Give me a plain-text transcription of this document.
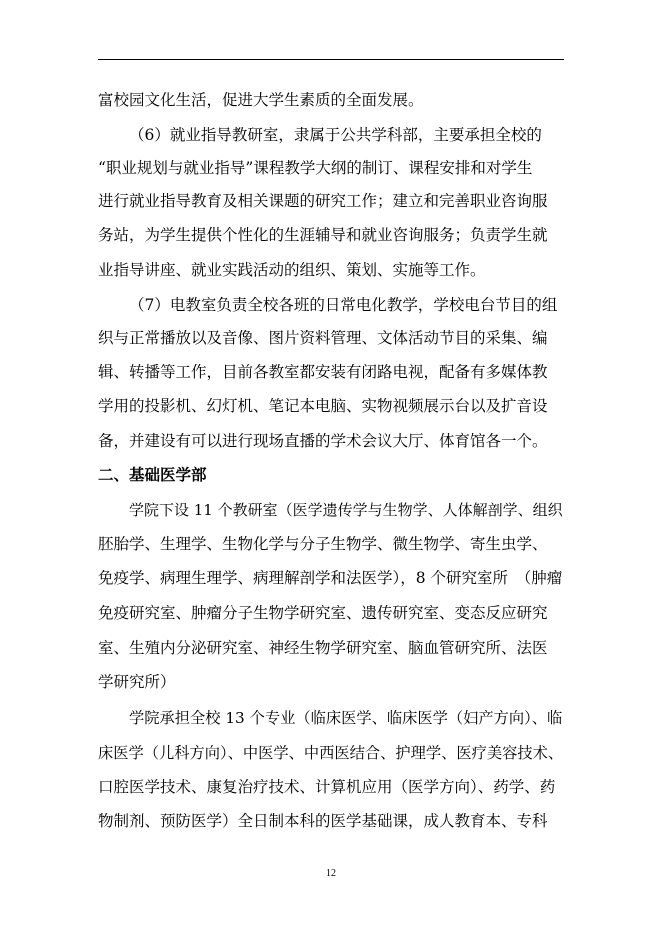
富校园文化生活，促进大学生素质的全面发展。
（6）就业指导教研室，隶属于公共学科部，主要承担全校的
“职业规划与就业指导”课程教学大纲的制订、课程安排和对学生
进行就业指导教育及相关课题的研究工作；建立和完善职业咨询服
务站，为学生提供个性化的生涯辅导和就业咨询服务；负责学生就
业指导讲座、就业实践活动的组织、策划、实施等工作。
（7）电教室负责全校各班的日常电化教学，学校电台节目的组
织与正常播放以及音像、图片资料管理、文体活动节目的采集、编
辑、转播等工作，目前各教室都安装有闭路电视，配备有多媒体教
学用的投影机、幻灯机、笔记本电脑、实物视频展示台以及扩音设
备，并建设有可以进行现场直播的学术会议大厅、体育馆各一个。
二、基础医学部
学院下设 11 个教研室（医学遗传学与生物学、人体解剖学、组织
胚胎学、生理学、生物化学与分子生物学、微生物学、寄生虫学、
免疫学、病理生理学、病理解剖学和法医学），8 个研究室所　（肿瘤
免疫研究室、肿瘤分子生物学研究室、遗传研究室、变态反应研究
室、生殖内分泌研究室、神经生物学研究室、脑血管研究所、法医
学研究所）
学院承担全校 13 个专业（临床医学、临床医学（妇产方向）、临
床医学（儿科方向）、中医学、中西医结合、护理学、医疗美容技术、
口腔医学技术、康复治疗技术、计算机应用（医学方向）、药学、药
物制剂、预防医学）全日制本科的医学基础课，成人教育本、专科
12
